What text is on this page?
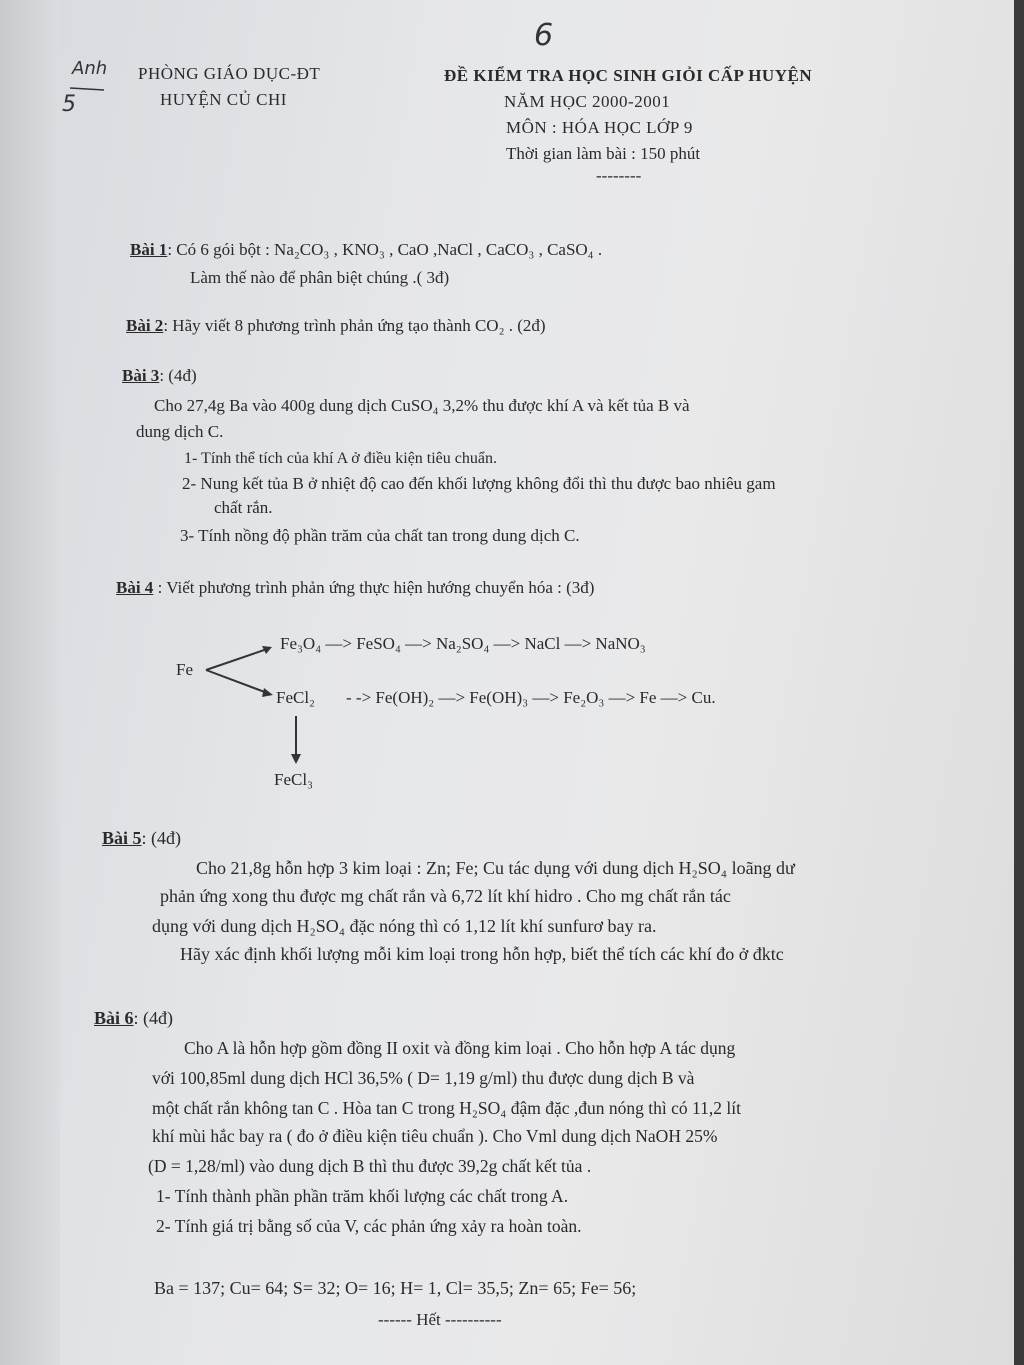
6
Anh
5
PHÒNG GIÁO DỤC-ĐT
HUYỆN CỦ CHI
ĐỀ KIỂM TRA HỌC SINH GIỎI CẤP HUYỆN
NĂM HỌC 2000-2001
MÔN : HÓA HỌC LỚP 9
Thời gian làm bài : 150 phút
--------
Bài 1: Có 6 gói bột : Na₂CO₃ , KNO₃ , CaO ,NaCl , CaCO₃ , CaSO₄ .
Làm thế nào để phân biệt chúng .( 3đ)
Bài 2: Hãy viết 8 phương trình phản ứng tạo thành CO₂ . (2đ)
Bài 3: (4đ)
Cho 27,4g Ba vào 400g dung dịch CuSO₄ 3,2% thu được khí A và kết tủa B và
dung dịch C.
1- Tính thể tích của khí A ở điều kiện tiêu chuẩn.
2- Nung kết tủa B ở nhiệt độ cao đến khối lượng không đổi thì thu được bao nhiêu gam
chất rắn.
3- Tính nồng độ phần trăm của chất tan trong dung dịch C.
Bài 4 : Viết phương trình phản ứng thực hiện hướng chuyển hóa : (3đ)
Fe
Fe₃O₄ —> FeSO₄ —> Na₂SO₄ —> NaCl —> NaNO₃
FeCl₂ - -> Fe(OH)₂ —> Fe(OH)₃ —> Fe₂O₃ —> Fe —> Cu.
FeCl₃
Bài 5: (4đ)
Cho 21,8g hỗn hợp 3 kim loại : Zn; Fe; Cu tác dụng với dung dịch H₂SO₄ loãng dư
phản ứng xong thu được mg chất rắn và 6,72 lít khí hidro . Cho mg chất rắn tác
dụng với dung dịch H₂SO₄ đặc nóng thì có 1,12 lít khí sunfurơ bay ra.
Hãy xác định khối lượng mỗi kim loại trong hỗn hợp, biết thể tích các khí đo ở đktc
Bài 6: (4đ)
Cho A là hỗn hợp gồm đồng II oxit và đồng kim loại . Cho hỗn hợp A tác dụng
với 100,85ml dung dịch HCl 36,5% ( D= 1,19 g/ml) thu được dung dịch B và
một chất rắn không tan C . Hòa tan C trong H₂SO₄ đậm đặc ,đun nóng thì có 11,2 lít
khí mùi hắc bay ra ( đo ở điều kiện tiêu chuẩn ). Cho Vml dung dịch NaOH 25%
(D = 1,28/ml) vào dung dịch B thì thu được 39,2g chất kết tủa .
1- Tính thành phần phần trăm khối lượng các chất trong A.
2- Tính giá trị bằng số của V, các phản ứng xảy ra hoàn toàn.
Ba = 137; Cu= 64; S= 32; O= 16; H= 1, Cl= 35,5; Zn= 65; Fe= 56;
------ Hết ----------
